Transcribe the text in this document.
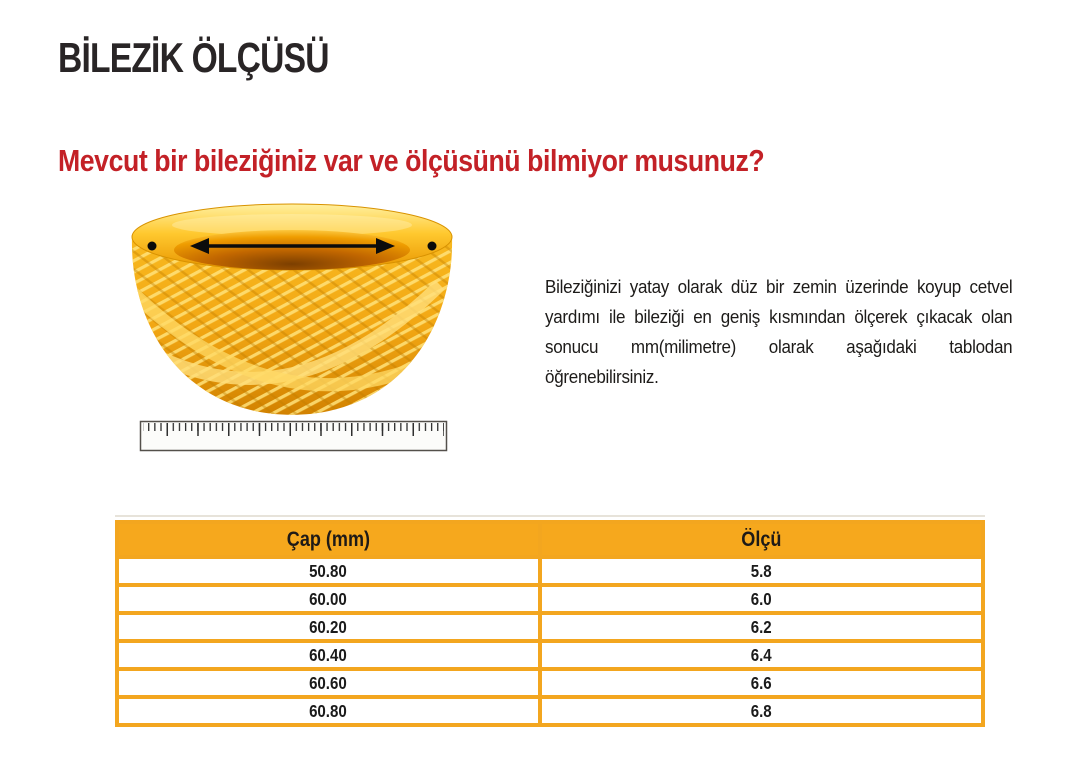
BİLEZİK ÖLÇÜSÜ
Mevcut bir bileziğiniz var ve ölçüsünü bilmiyor musunuz?

Bileziğinizi yatay olarak düz bir zemin üzerinde koyup cetvel yardımı ile bileziği en geniş kısmından ölçerek çıkacak olan sonucu mm(milimetre) olarak aşağıdaki tablodan öğrenebilirsiniz.

Çap (mm)	Ölçü
50.80	5.8
60.00	6.0
60.20	6.2
60.40	6.4
60.60	6.6
60.80	6.8
